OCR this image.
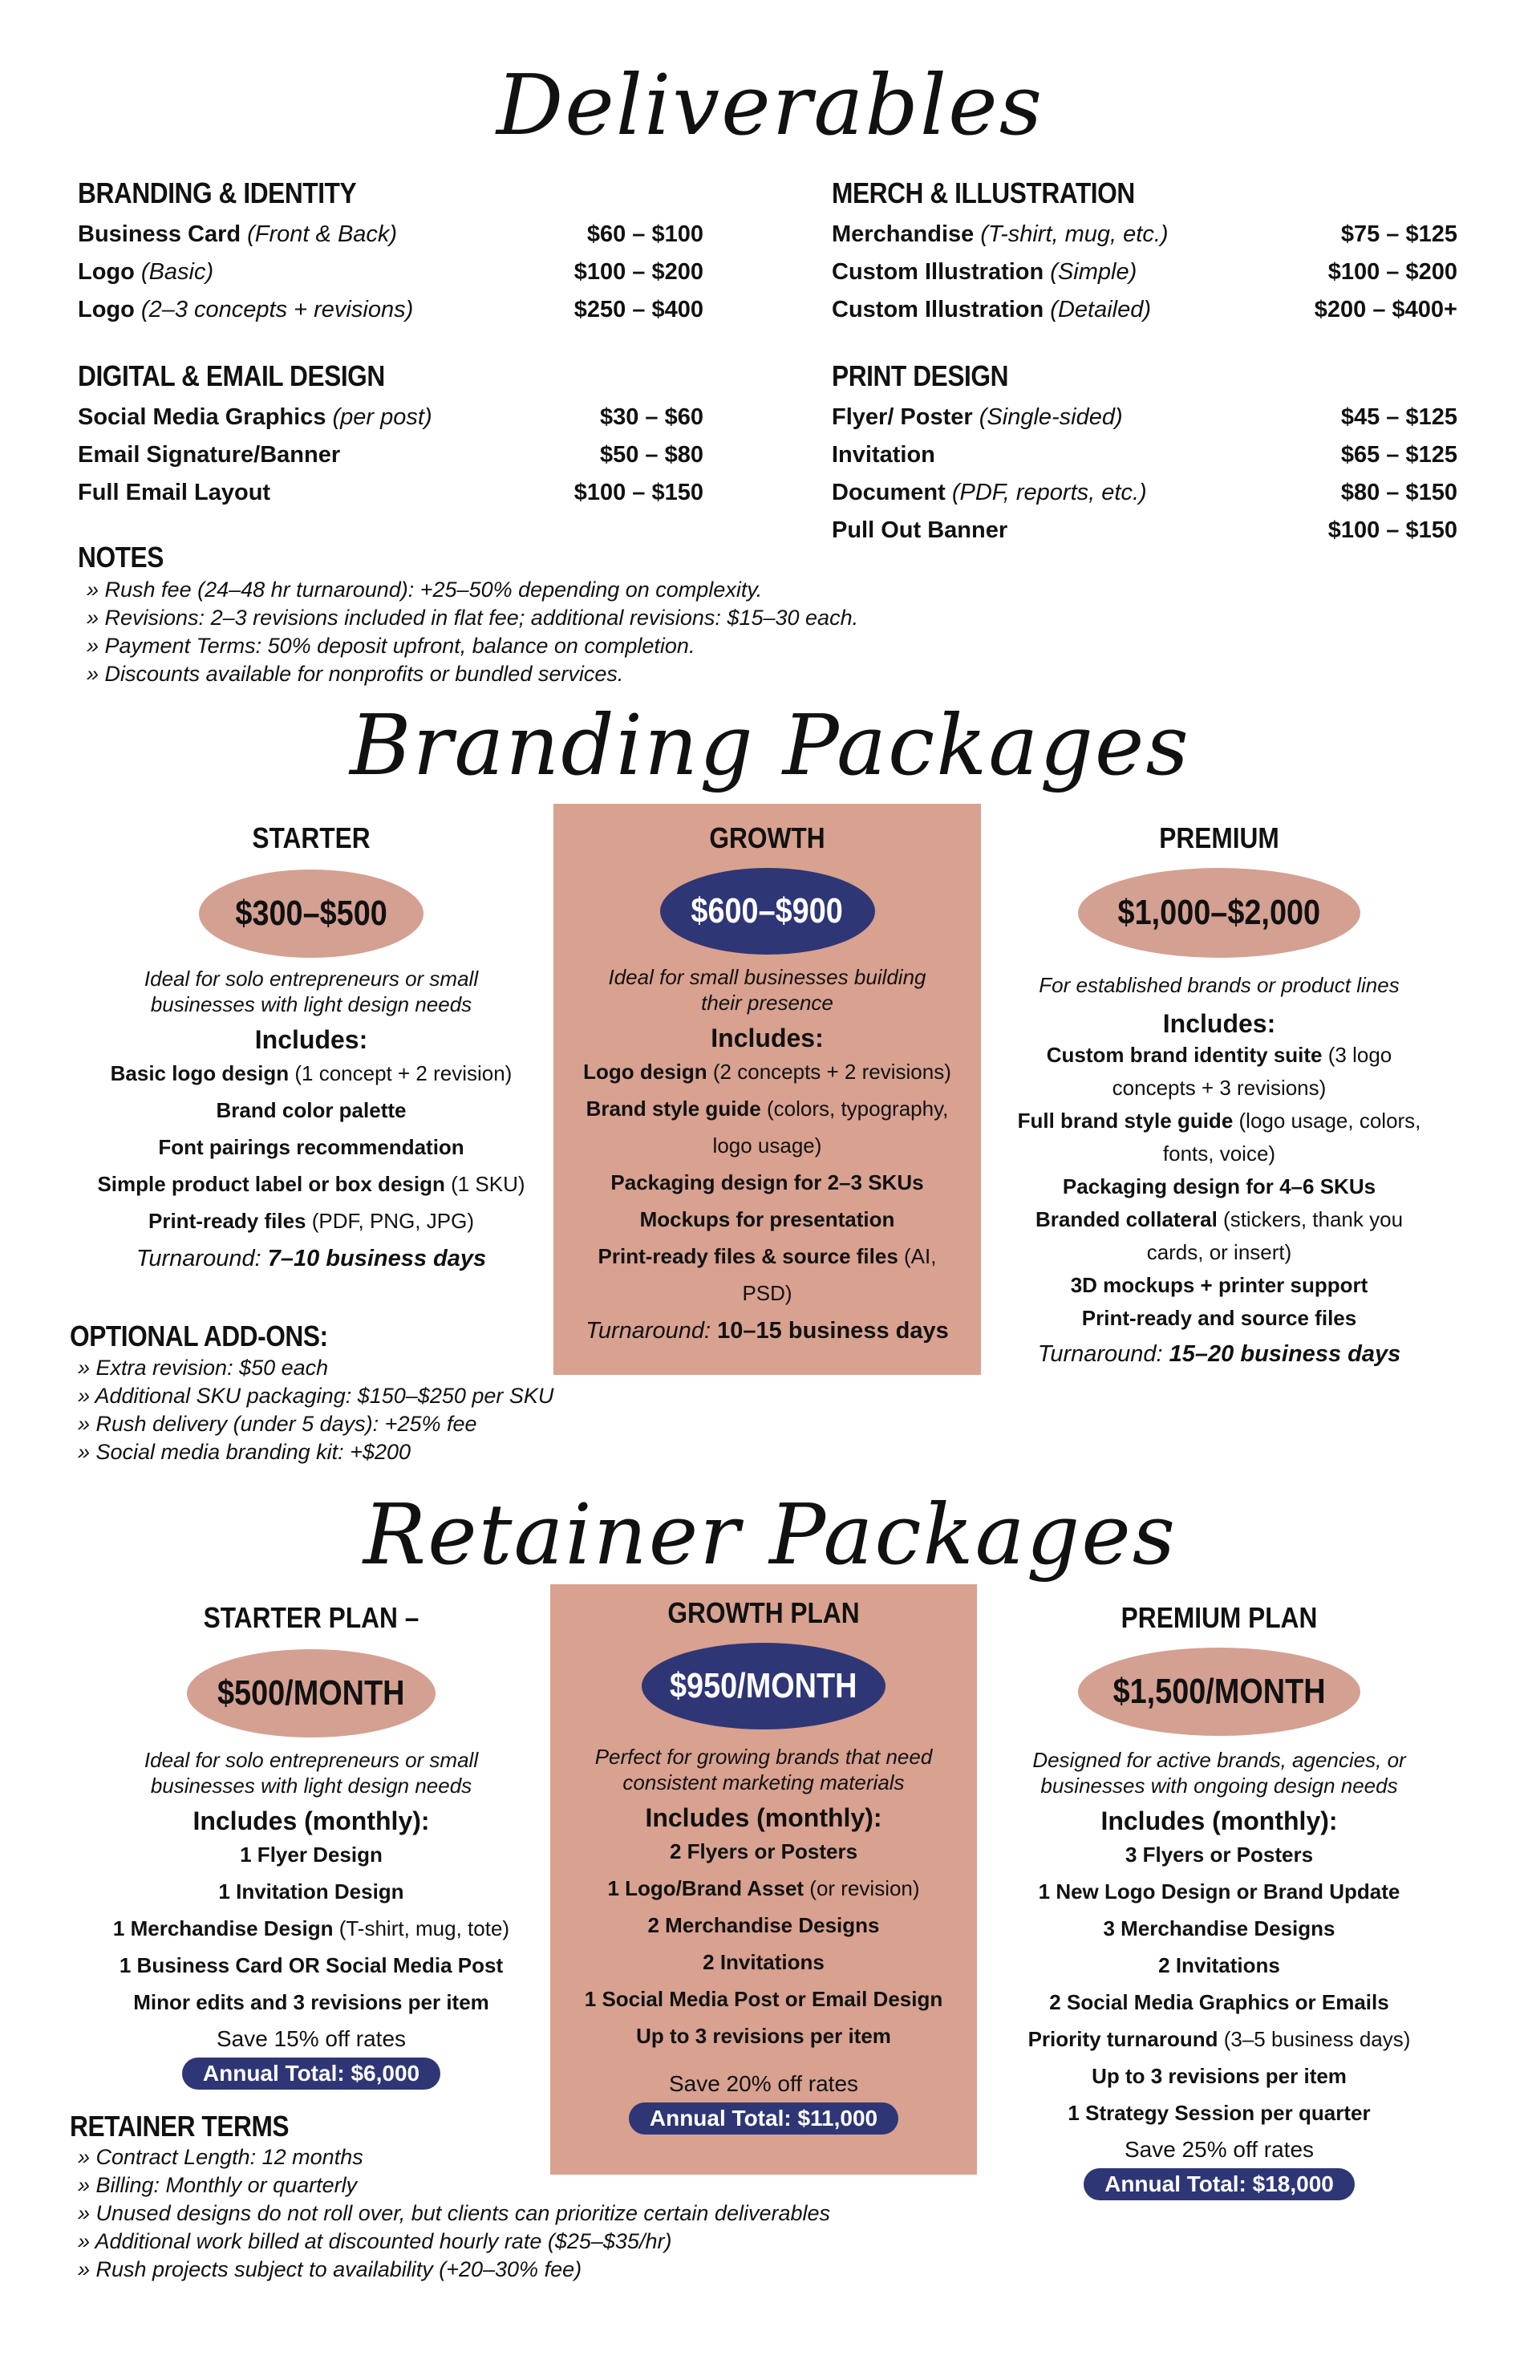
Deliverables
Branding Packages
Retainer Packages
BRANDING & IDENTITY
Business Card (Front & Back)	$60 – $100
Logo (Basic)	$100 – $200
Logo (2–3 concepts + revisions)	$250 – $400
DIGITAL & EMAIL DESIGN
Social Media Graphics (per post)	$30 – $60
Email Signature/Banner	$50 – $80
Full Email Layout	$100 – $150
MERCH & ILLUSTRATION
Merchandise (T-shirt, mug, etc.)	$75 – $125
Custom Illustration (Simple)	$100 – $200
Custom Illustration (Detailed)	$200 – $400+
PRINT DESIGN
Flyer/ Poster (Single-sided)	$45 – $125
Invitation	$65 – $125
Document (PDF, reports, etc.)	$80 – $150
Pull Out Banner	$100 – $150
NOTES
» Rush fee (24–48 hr turnaround): +25–50% depending on complexity.
» Revisions: 2–3 revisions included in flat fee; additional revisions: $15–30 each.
» Payment Terms: 50% deposit upfront, balance on completion.
» Discounts available for nonprofits or bundled services.
STARTER
$300–$500
Ideal for solo entrepreneurs or small
businesses with light design needs
Includes:
Basic logo design (1 concept + 2 revision)
Brand color palette
Font pairings recommendation
Simple product label or box design (1 SKU)
Print-ready files (PDF, PNG, JPG)
Turnaround: 7–10 business days
GROWTH
$600–$900
Ideal for small businesses building
their presence
Includes:
Logo design (2 concepts + 2 revisions)
Brand style guide (colors, typography,
logo usage)
Packaging design for 2–3 SKUs
Mockups for presentation
Print-ready files & source files (AI,
PSD)
Turnaround: 10–15 business days
PREMIUM
$1,000–$2,000
For established brands or product lines
Includes:
Custom brand identity suite (3 logo
concepts + 3 revisions)
Full brand style guide (logo usage, colors,
fonts, voice)
Packaging design for 4–6 SKUs
Branded collateral (stickers, thank you
cards, or insert)
3D mockups + printer support
Print-ready and source files
Turnaround: 15–20 business days
OPTIONAL ADD-ONS:
» Extra revision: $50 each
» Additional SKU packaging: $150–$250 per SKU
» Rush delivery (under 5 days): +25% fee
» Social media branding kit: +$200
STARTER PLAN –
$500/MONTH
Ideal for solo entrepreneurs or small
businesses with light design needs
Includes (monthly):
1 Flyer Design
1 Invitation Design
1 Merchandise Design (T-shirt, mug, tote)
1 Business Card OR Social Media Post
Minor edits and 3 revisions per item
Save 15% off rates
Annual Total: $6,000
GROWTH PLAN
$950/MONTH
Perfect for growing brands that need
consistent marketing materials
Includes (monthly):
2 Flyers or Posters
1 Logo/Brand Asset (or revision)
2 Merchandise Designs
2 Invitations
1 Social Media Post or Email Design
Up to 3 revisions per item
Save 20% off rates
Annual Total: $11,000
PREMIUM PLAN
$1,500/MONTH
Designed for active brands, agencies, or
businesses with ongoing design needs
Includes (monthly):
3 Flyers or Posters
1 New Logo Design or Brand Update
3 Merchandise Designs
2 Invitations
2 Social Media Graphics or Emails
Priority turnaround (3–5 business days)
Up to 3 revisions per item
1 Strategy Session per quarter
Save 25% off rates
Annual Total: $18,000
RETAINER TERMS
» Contract Length: 12 months
» Billing: Monthly or quarterly
» Unused designs do not roll over, but clients can prioritize certain deliverables
» Additional work billed at discounted hourly rate ($25–$35/hr)
» Rush projects subject to availability (+20–30% fee)
